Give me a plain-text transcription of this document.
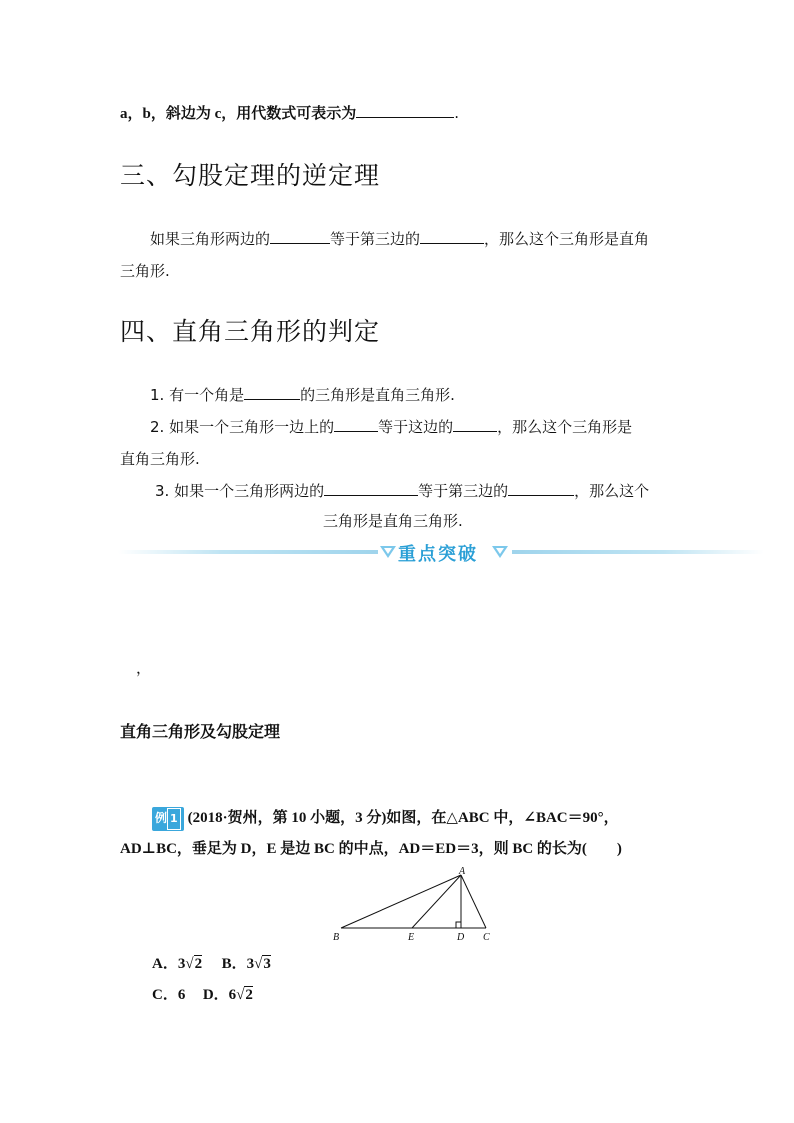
a，b，斜边为 c，用代数式可表示为	.
三、勾股定理的逆定理
如果三角形两边的	等于第三边的	，那么这个三角形是直角
三角形.
四、直角三角形的判定
1. 有一个角是	的三角形是直角三角形.
2. 如果一个三角形一边上的	等于这边的	，那么这个三角形是
直角三角形.
3. 如果一个三角形两边的	等于第三边的	，那么这个
三角形是直角三角形.
重点突破
，
直角三角形及勾股定理
例 1 (2018·贺州，第 10 小题，3 分)如图，在△ABC 中，∠BAC＝90°，
AD⊥BC，垂足为 D，E 是边 BC 的中点，AD＝ED＝3，则 BC 的长为(　　)
A
B	E	D C
A．3√2 B．3√3
C．6 D．6√2
